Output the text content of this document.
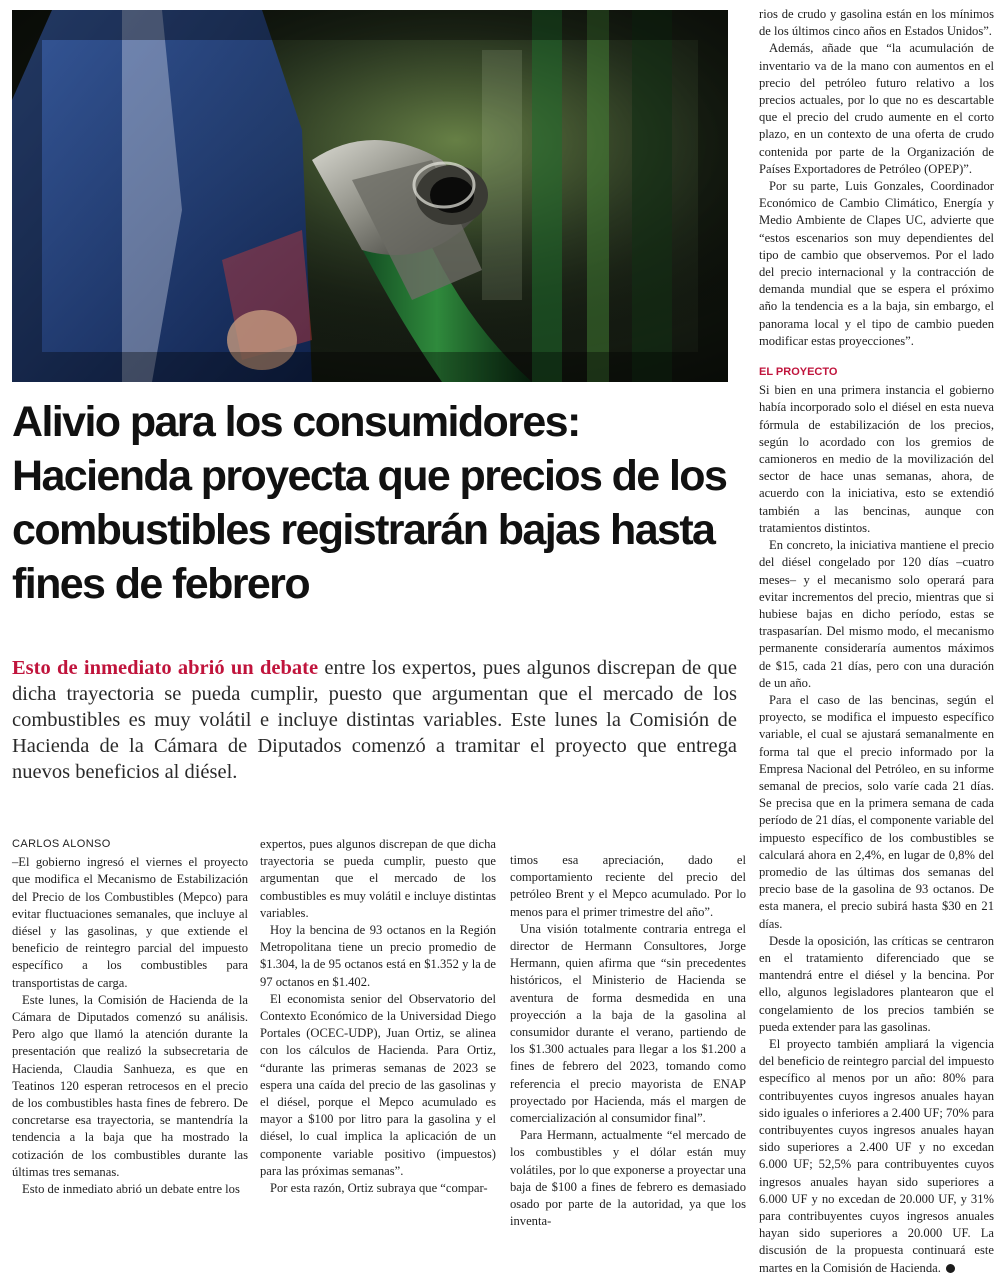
Alivio para los consumidores: Hacienda proyecta que precios de los combustibles registrarán bajas hasta fines de febrero

Esto de inmediato abrió un debate entre los expertos, pues algunos discrepan de que dicha trayectoria se pueda cumplir, puesto que argumentan que el mercado de los combustibles es muy volátil e incluye distintas variables. Este lunes la Comisión de Hacienda de la Cámara de Diputados comenzó a tramitar el proyecto que entrega nuevos beneficios al diésel.

CARLOS ALONSO

–El gobierno ingresó el viernes el proyecto que modifica el Mecanismo de Estabilización del Precio de los Combustibles (Mepco) para evitar fluctuaciones semanales, que incluye al diésel y las gasolinas, y que extiende el beneficio de reintegro parcial del impuesto específico a los combustibles para transportistas de carga.

Este lunes, la Comisión de Hacienda de la Cámara de Diputados comenzó su análisis. Pero algo que llamó la atención durante la presentación que realizó la subsecretaria de Hacienda, Claudia Sanhueza, es que en Teatinos 120 esperan retrocesos en el precio de los combustibles hasta fines de febrero. De concretarse esa trayectoria, se mantendría la tendencia a la baja que ha mostrado la cotización de los combustibles durante las últimas tres semanas.

Esto de inmediato abrió un debate entre los

expertos, pues algunos discrepan de que dicha trayectoria se pueda cumplir, puesto que argumentan que el mercado de los combustibles es muy volátil e incluye distintas variables.

Hoy la bencina de 93 octanos en la Región Metropolitana tiene un precio promedio de $1.304, la de 95 octanos está en $1.352 y la de 97 octanos en $1.402.

El economista senior del Observatorio del Contexto Económico de la Universidad Diego Portales (OCEC-UDP), Juan Ortiz, se alinea con los cálculos de Hacienda. Para Ortiz, “durante las primeras semanas de 2023 se espera una caída del precio de las gasolinas y el diésel, porque el Mepco acumulado es mayor a $100 por litro para la gasolina y el diésel, lo cual implica la aplicación de un componente variable positivo (impuestos) para las próximas semanas”.

Por esta razón, Ortiz subraya que “compar-

timos esa apreciación, dado el comportamiento reciente del precio del petróleo Brent y el Mepco acumulado. Por lo menos para el primer trimestre del año”.

Una visión totalmente contraria entrega el director de Hermann Consultores, Jorge Hermann, quien afirma que “sin precedentes históricos, el Ministerio de Hacienda se aventura de forma desmedida en una proyección a la baja de la gasolina al consumidor durante el verano, partiendo de los $1.300 actuales para llegar a los $1.200 a fines de febrero del 2023, tomando como referencia el precio mayorista de ENAP proyectado por Hacienda, más el margen de comercialización al consumidor final”.

Para Hermann, actualmente “el mercado de los combustibles y el dólar están muy volátiles, por lo que exponerse a proyectar una baja de $100 a fines de febrero es demasiado osado por parte de la autoridad, ya que los inventa-

rios de crudo y gasolina están en los mínimos de los últimos cinco años en Estados Unidos”.

Además, añade que “la acumulación de inventario va de la mano con aumentos en el precio del petróleo futuro relativo a los precios actuales, por lo que no es descartable que el precio del crudo aumente en el corto plazo, en un contexto de una oferta de crudo contenida por parte de la Organización de Países Exportadores de Petróleo (OPEP)”.

Por su parte, Luis Gonzales, Coordinador Económico de Cambio Climático, Energía y Medio Ambiente de Clapes UC, advierte que “estos escenarios son muy dependientes del tipo de cambio que observemos. Por el lado del precio internacional y la contracción de demanda mundial que se espera el próximo año la tendencia es a la baja, sin embargo, el panorama local y el tipo de cambio pueden modificar estas proyecciones”.

EL PROYECTO

Si bien en una primera instancia el gobierno había incorporado solo el diésel en esta nueva fórmula de estabilización de los precios, según lo acordado con los gremios de camioneros en medio de la movilización del sector de hace unas semanas, ahora, de acuerdo con la iniciativa, esto se extendió también a las bencinas, aunque con tratamientos distintos.

En concreto, la iniciativa mantiene el precio del diésel congelado por 120 días –cuatro meses– y el mecanismo solo operará para evitar incrementos del precio, mientras que si hubiese bajas en dicho período, estas se traspasarían. Del mismo modo, el mecanismo permanente consideraría aumentos máximos de $15, cada 21 días, pero con una duración de un año.

Para el caso de las bencinas, según el proyecto, se modifica el impuesto específico variable, el cual se ajustará semanalmente en forma tal que el precio informado por la Empresa Nacional del Petróleo, en su informe semanal de precios, solo varíe cada 21 días. Se precisa que en la primera semana de cada período de 21 días, el componente variable del impuesto específico de los combustibles se calculará ahora en 2,4%, en lugar de 0,8% del promedio de las últimas dos semanas del precio base de la gasolina de 93 octanos. De esta manera, el precio subirá hasta $30 en 21 días.

Desde la oposición, las críticas se centraron en el tratamiento diferenciado que se mantendrá entre el diésel y la bencina. Por ello, algunos legisladores plantearon que el congelamiento de los precios también se pueda extender para las gasolinas.

El proyecto también ampliará la vigencia del beneficio de reintegro parcial del impuesto específico al menos por un año: 80% para contribuyentes cuyos ingresos anuales hayan sido iguales o inferiores a 2.400 UF; 70% para contribuyentes cuyos ingresos anuales hayan sido superiores a 2.400 UF y no excedan 6.000 UF; 52,5% para contribuyentes cuyos ingresos anuales hayan sido superiores a 6.000 UF y no excedan de 20.000 UF, y 31% para contribuyentes cuyos ingresos anuales hayan sido superiores a 20.000 UF. La discusión de la propuesta continuará este martes en la Comisión de Hacienda.
